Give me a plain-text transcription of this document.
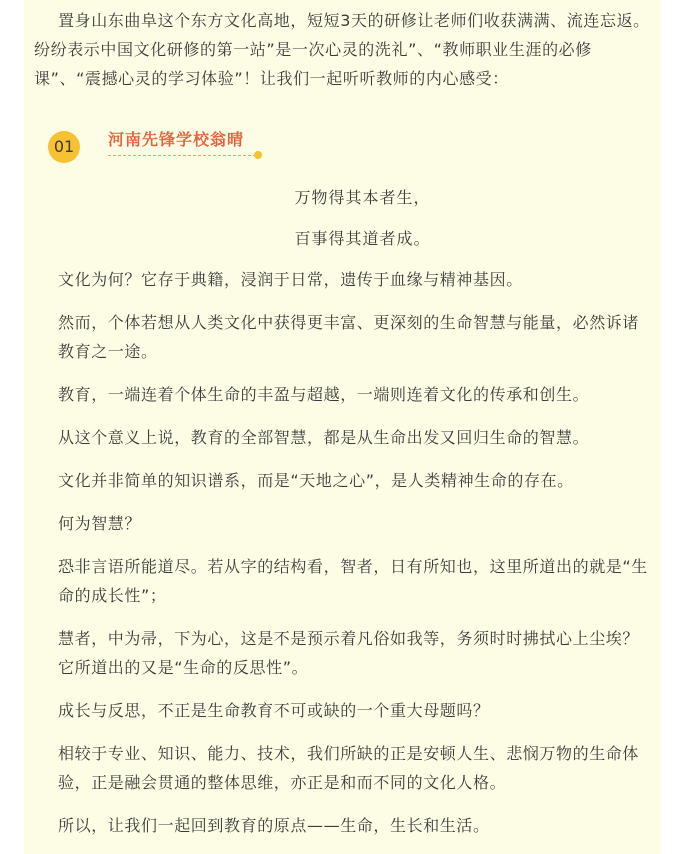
置身山东曲阜这个东方文化高地，短短3天的研修让老师们收获满满、流连忘返。纷纷表示中国文化研修的第一站”是一次心灵的洗礼”、“教师职业生涯的必修课”、“震撼心灵的学习体验”！让我们一起听听教师的内心感受：

01	河南先锋学校翁晴

万物得其本者生，

百事得其道者成。

文化为何？它存于典籍，浸润于日常，遗传于血缘与精神基因。

然而，个体若想从人类文化中获得更丰富、更深刻的生命智慧与能量，必然诉诸教育之一途。

教育，一端连着个体生命的丰盈与超越，一端则连着文化的传承和创生。

从这个意义上说，教育的全部智慧，都是从生命出发又回归生命的智慧。

文化并非简单的知识谱系，而是“天地之心”，是人类精神生命的存在。

何为智慧？

恐非言语所能道尽。若从字的结构看，智者，日有所知也，这里所道出的就是“生命的成长性”；

慧者，中为帚，下为心，这是不是预示着凡俗如我等，务须时时拂拭心上尘埃？它所道出的又是“生命的反思性”。

成长与反思，不正是生命教育不可或缺的一个重大母题吗？

相较于专业、知识、能力、技术，我们所缺的正是安顿人生、悲悯万物的生命体验，正是融会贯通的整体思维，亦正是和而不同的文化人格。

所以，让我们一起回到教育的原点——生命，生长和生活。
